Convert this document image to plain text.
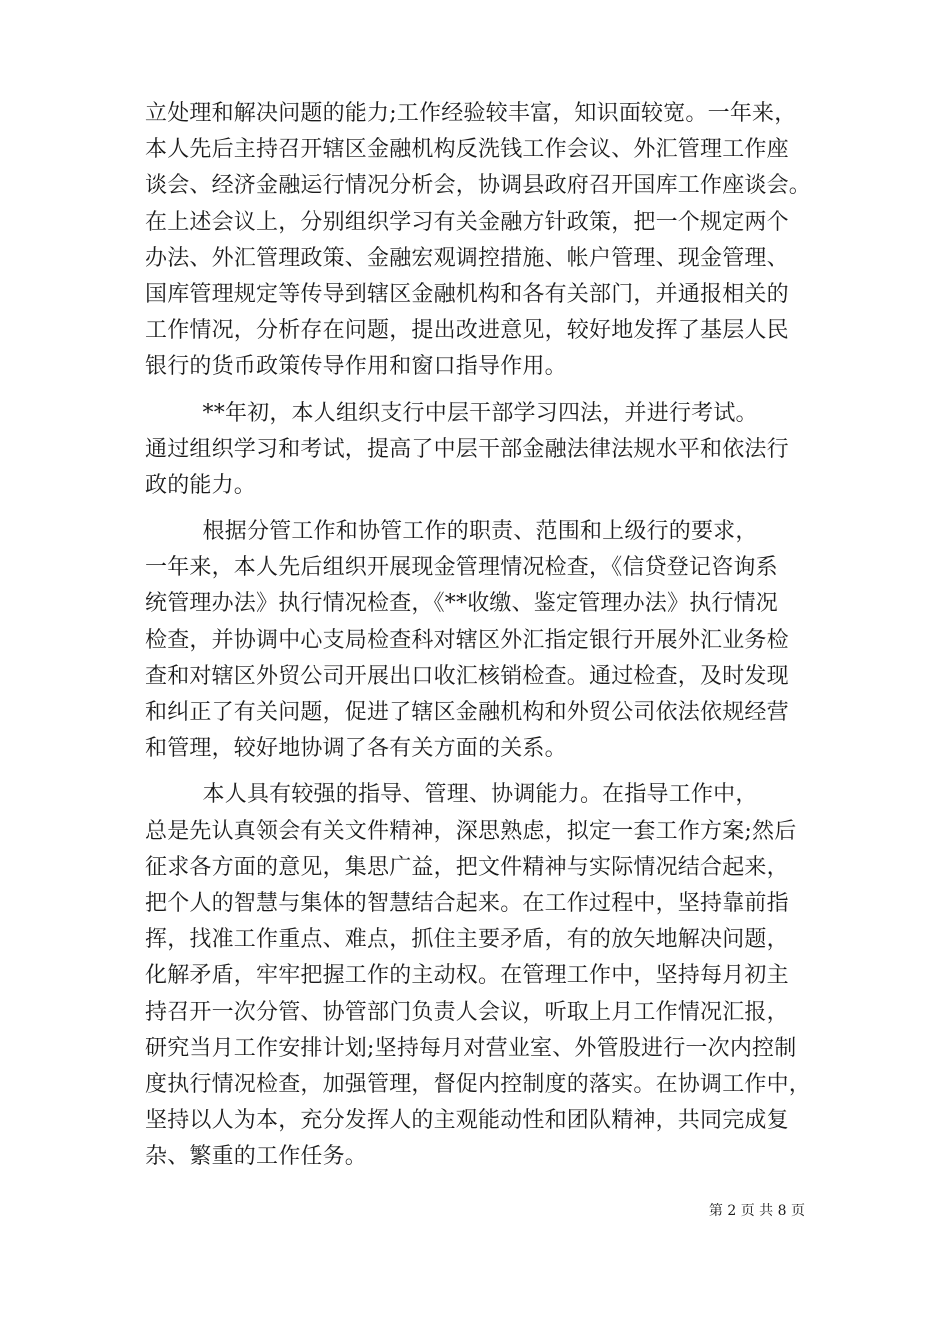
立处理和解决问题的能力;工作经验较丰富，知识面较宽。一年来，
本人先后主持召开辖区金融机构反洗钱工作会议、外汇管理工作座
谈会、经济金融运行情况分析会，协调县政府召开国库工作座谈会。
在上述会议上，分别组织学习有关金融方针政策，把一个规定两个
办法、外汇管理政策、金融宏观调控措施、帐户管理、现金管理、
国库管理规定等传导到辖区金融机构和各有关部门，并通报相关的
工作情况，分析存在问题，提出改进意见，较好地发挥了基层人民
银行的货币政策传导作用和窗口指导作用。
**年初，本人组织支行中层干部学习四法，并进行考试。
通过组织学习和考试，提高了中层干部金融法律法规水平和依法行
政的能力。
根据分管工作和协管工作的职责、范围和上级行的要求，
一年来，本人先后组织开展现金管理情况检查，《信贷登记咨询系
统管理办法》执行情况检查，《**收缴、鉴定管理办法》执行情况
检查，并协调中心支局检查科对辖区外汇指定银行开展外汇业务检
查和对辖区外贸公司开展出口收汇核销检查。通过检查，及时发现
和纠正了有关问题，促进了辖区金融机构和外贸公司依法依规经营
和管理，较好地协调了各有关方面的关系。
本人具有较强的指导、管理、协调能力。在指导工作中，
总是先认真领会有关文件精神，深思熟虑，拟定一套工作方案;然后
征求各方面的意见，集思广益，把文件精神与实际情况结合起来，
把个人的智慧与集体的智慧结合起来。在工作过程中，坚持靠前指
挥，找准工作重点、难点，抓住主要矛盾，有的放矢地解决问题，
化解矛盾，牢牢把握工作的主动权。在管理工作中，坚持每月初主
持召开一次分管、协管部门负责人会议，听取上月工作情况汇报，
研究当月工作安排计划;坚持每月对营业室、外管股进行一次内控制
度执行情况检查，加强管理，督促内控制度的落实。在协调工作中，
坚持以人为本，充分发挥人的主观能动性和团队精神，共同完成复
杂、繁重的工作任务。
第 2 页 共 8 页
